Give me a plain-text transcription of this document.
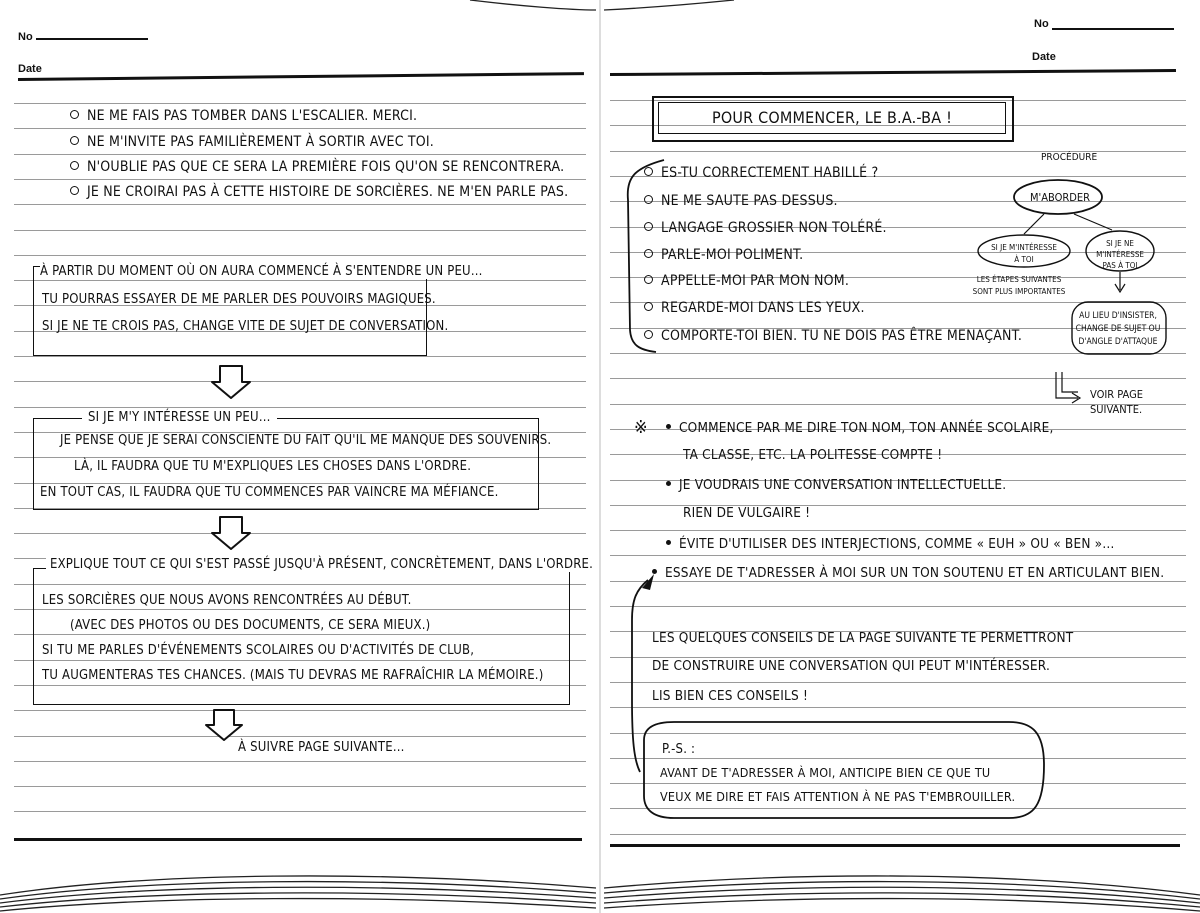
No
Date
NE ME FAIS PAS TOMBER DANS L'ESCALIER. MERCI.
NE M'INVITE PAS FAMILIÈREMENT À SORTIR AVEC TOI.
N'OUBLIE PAS QUE CE SERA LA PREMIÈRE FOIS QU'ON SE RENCONTRERA.
JE NE CROIRAI PAS À CETTE HISTOIRE DE SORCIÈRES. NE M'EN PARLE PAS.
À PARTIR DU MOMENT OÙ ON AURA COMMENCÉ À S'ENTENDRE UN PEU…
TU POURRAS ESSAYER DE ME PARLER DES POUVOIRS MAGIQUES.
SI JE NE TE CROIS PAS, CHANGE VITE DE SUJET DE CONVERSATION.
SI JE M'Y INTÉRESSE UN PEU…
JE PENSE QUE JE SERAI CONSCIENTE DU FAIT QU'IL ME MANQUE DES SOUVENIRS.
LÀ, IL FAUDRA QUE TU M'EXPLIQUES LES CHOSES DANS L'ORDRE.
EN TOUT CAS, IL FAUDRA QUE TU COMMENCES PAR VAINCRE MA MÉFIANCE.
EXPLIQUE TOUT CE QUI S'EST PASSÉ JUSQU'À PRÉSENT, CONCRÈTEMENT, DANS L'ORDRE.
LES SORCIÈRES QUE NOUS AVONS RENCONTRÉES AU DÉBUT.
(AVEC DES PHOTOS OU DES DOCUMENTS, CE SERA MIEUX.)
SI TU ME PARLES D'ÉVÉNEMENTS SCOLAIRES OU D'ACTIVITÉS DE CLUB,
TU AUGMENTERAS TES CHANCES. (MAIS TU DEVRAS ME RAFRAÎCHIR LA MÉMOIRE.)
À SUIVRE PAGE SUIVANTE…
No
Date
POUR COMMENCER, LE B.A.-BA !
ES-TU CORRECTEMENT HABILLÉ ?
NE ME SAUTE PAS DESSUS.
LANGAGE GROSSIER NON TOLÉRÉ.
PARLE-MOI POLIMENT.
APPELLE-MOI PAR MON NOM.
REGARDE-MOI DANS LES YEUX.
COMPORTE-TOI BIEN. TU NE DOIS PAS ÊTRE MENAÇANT.
PROCÉDURE
M'ABORDER
SI JE M'INTÉRESSE
À TOI
SI JE NE
M'INTÉRESSE
PAS À TOI
LES ÉTAPES SUIVANTES
SONT PLUS IMPORTANTES
AU LIEU D'INSISTER,
CHANGE DE SUJET OU
D'ANGLE D'ATTAQUE
VOIR PAGE
SUIVANTE.
※	COMMENCE PAR ME DIRE TON NOM, TON ANNÉE SCOLAIRE,
TA CLASSE, ETC. LA POLITESSE COMPTE !
JE VOUDRAIS UNE CONVERSATION INTELLECTUELLE.
RIEN DE VULGAIRE !
ÉVITE D'UTILISER DES INTERJECTIONS, COMME « EUH » OU « BEN »…
ESSAYE DE T'ADRESSER À MOI SUR UN TON SOUTENU ET EN ARTICULANT BIEN.
LES QUELQUES CONSEILS DE LA PAGE SUIVANTE TE PERMETTRONT
DE CONSTRUIRE UNE CONVERSATION QUI PEUT M'INTÉRESSER.
LIS BIEN CES CONSEILS !
P.-S. :
AVANT DE T'ADRESSER À MOI, ANTICIPE BIEN CE QUE TU
VEUX ME DIRE ET FAIS ATTENTION À NE PAS T'EMBROUILLER.
